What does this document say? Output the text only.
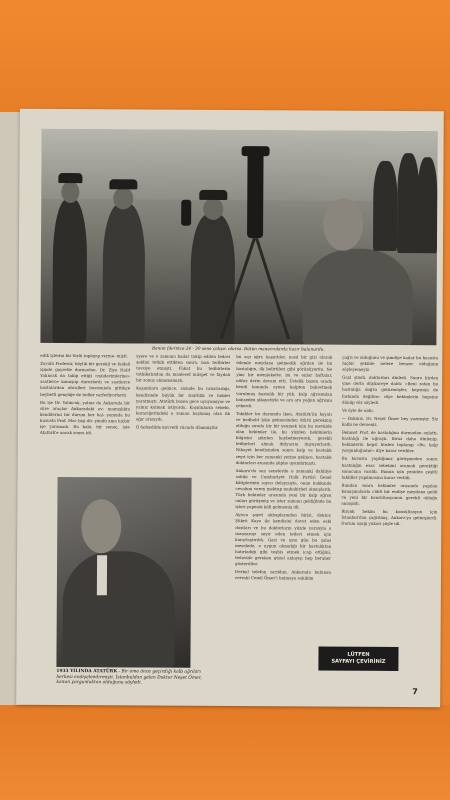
Benim fikrimce 24 - 30 sene çalışır. olursa. Bütün manevralarda hazır bulunurdu.

edik işlerini bir türlü toplayıp verme- mişti.

Zavallı Profesör, böylik bir gerekli ve faideli işinde gayretle durmadan. Dr. Ziya Halit Yalıncak da takip ettiği »müdavimlerine« saatlerce konuşup dururlardı ve saatlerce hastalardan ahvalleri hususunda gittikçe heybetli gençliğe de tedbir sarfediyorlardı.

Bu işe Dr. Yalıncak, yalnız da Ankarada bir süre araçlar Ankaradaki ev- mamışlıkta kendilerini bir durum her hal- yanında bu hususta Prof. Mac bişi dü- şündü ama hiçbir işe yaramadı. Bu kabi, bir sonuç, işte Atatürk'e ancak sonra idi.

syere ve o zamana kadar takip edilen tedavi şeklini tetkik ettikten sonra, bazı tedbirler tavsiye etmişti. Fakat bu tedbirlerin tatbikatından da maalesef müspet ve faydalı bir sonuç alınamamıştı.

Kaşıntılara gelince, sizinde bu rahatsızlığı, kendisinde büyük bir sinirlilik ve hiddet yaratmıştı. Atatürk bazen gece uyuyamıyor ve yalnız kalmak istiyordu. Kaşıntıların sebebi, karaciğerindeki o zaman başlamış olan ilk ağır arızaydı.

O farkedilde kuvvetli vücuda dönmüştür.

bu sıçı ağrı; kaşıntılar, nasıl bir gizi olarak ödemle meydana gelmedik ağrılan ile bu hastalığın, ilk belirtileri gibi görünüyordu. Ne yine bir memlekette, bu ve onlar haftalar, nüfuz derin devam etti. Üstelik bazen arada kendi kanında aynen kalpten bahsetmek vurulmuş hastalık bir yük, kalp ağrısından bahseden şikayetiyle ve ara ara yoğun ağrısını çekerdi.

Tabibler bu durumda iken, Atatürk'ün hayatı ve bedbaht hâle gelmesinden ötürü gerekmiş olduğu sırada bir bir yenmek için bu mevkide olan hekimler ile, bu yüzden hekimlerin bilgisini gözden kaybetmeyerek, gerekli tedbirleri almak ihtiyacını duyuyorlardı. Nihayet kendisinden sonra kalp ve hastalık seyri için her zamanki yerine gelince, hastalık doktorları arasında şüphe uyandırmıştı.

Ankara'da son senelerde o zamanki dahiliye sahibi ve Cumhuriyet Halk Partisi Genel kâtiplerinin sayısı dolayısıyla, onun hakkında cevabını veren mektup muhabirleri olmuşlardı. Türk hekimler arasında yeni bir kalp ağrısı onları görüşmüş ve ister zamanı geldiğinde bu işleri yapmak kâfi gelmemiş idi.

Ayrıca şayet ahbaplarından birisi, doktor, Şükrü Kaya ile kendisini davet eden eski dostları ve bu doktorların yüzde yarısıyla o manzarayı seyir eden tedavi etmek için kararlaştırıldı. Gazi ve aynı gün bu şahıs meselede, o uygun olmadığı bir hastalıktan hatırladığı gibi teşhis etmek icap ettiğini, tedavide gereken güzel anlayışı hep beraber gösterdiler.

Derhal telefon sarıldım, Ankarada bulunan cerrahi Cemil Ömer'i bulmaya sahibim

çağrı ve olduğunu ve şimdiye kadar bu hususta hiçbir şekilde nelere benzer olduğunu söyleyemeyiz.

Gazi şimdi, doktorları dinledi. Sonra birden yine derin düşünceye daldı: »Beni zaten bu hastalığa doğru götürmüşler, hepsinin de farkında değilim« diye hekimlerin hepsine dönüp söz söyledi.

Ve öyle de oldu.

— Bakınız, Dr. Neşet Ömer bey yazmıştır. Siz kalbi ne derseniz.

Behmet Prof. de hastalığını durmadan anlattı, hastalığı ile uğraştı. Biraz daha dinlenip, hekimlerin hepsi birden toplanıp »Bu, kalp yorgunluğudur« diye karar verdiler.

Bu hususta yaptığımız görüşmeden sonra hastalığın esas sebebini aramak gerektiği sonucuna varıldı. Bunun için yeniden çeşitli tahliller yapılmasına karar verildi.

Bundan sonra hekimler arasında yapılan konuşmalarda ciddi bir endişe meydana geldi ve yeni bir konsültasyonun gerekli olduğu anlaşıldı.

Birçok hekim bu konsültasyon için İstanbul'dan çağrılmış, Ankara'ya gelmişlerdi. Durum aşağı yukarı şöyle idi.

1933 YILINDA ATATÜRK - Bir ome önce geçirdiği kalb ağrıları herkesi endişelendirmişti. İstanbuldan gelen Doktor Neşet Ömer, kanun yorgunluktan olduğunu söyledi.
LÜTFEN
SAYFAYI ÇEVİRİNİZ
7
